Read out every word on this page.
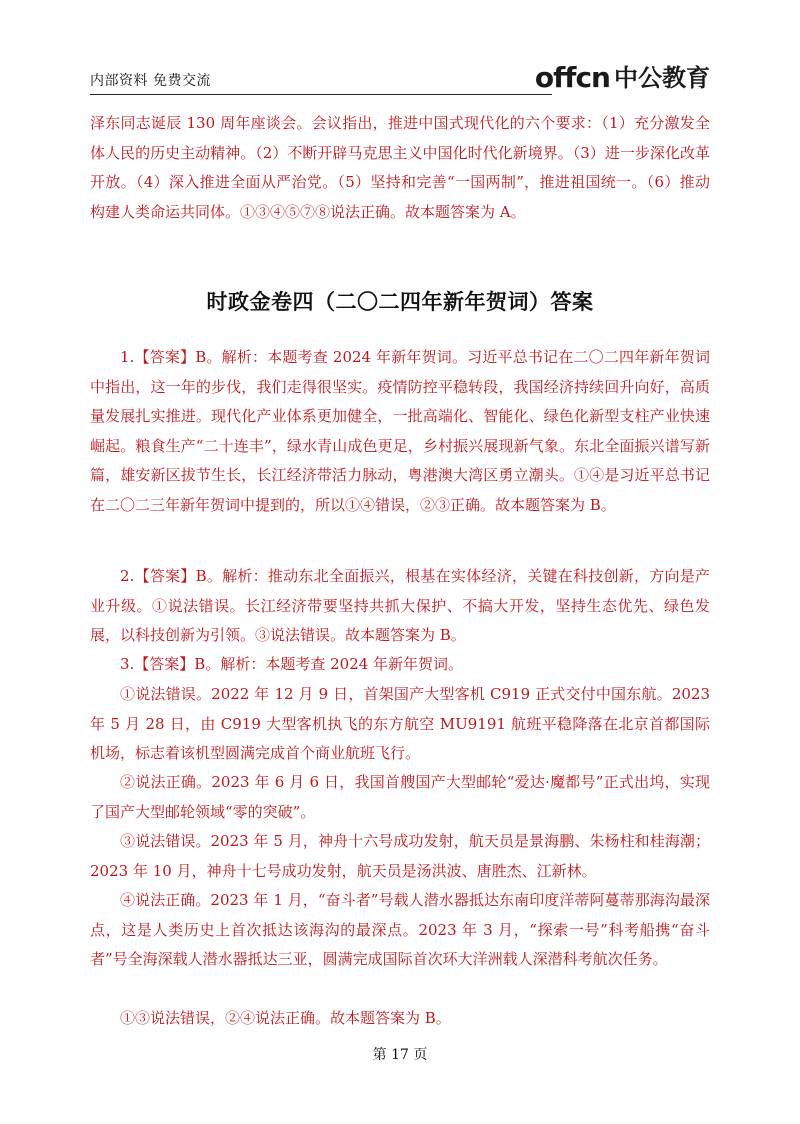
内部资料 免费交流	offcn 中公教育

泽东同志诞辰 130 周年座谈会。会议指出，推进中国式现代化的六个要求：（1）充分激发全体人民的历史主动精神。（2）不断开辟马克思主义中国化时代化新境界。（3）进一步深化改革开放。（4）深入推进全面从严治党。（5）坚持和完善“一国两制”，推进祖国统一。（6）推动构建人类命运共同体。①③④⑤⑦⑧说法正确。故本题答案为 A。

时政金卷四（二〇二四年新年贺词）答案

1.【答案】B。解析：本题考查 2024 年新年贺词。习近平总书记在二〇二四年新年贺词中指出，这一年的步伐，我们走得很坚实。疫情防控平稳转段，我国经济持续回升向好，高质量发展扎实推进。现代化产业体系更加健全，一批高端化、智能化、绿色化新型支柱产业快速崛起。粮食生产“二十连丰”，绿水青山成色更足，乡村振兴展现新气象。东北全面振兴谱写新篇，雄安新区拔节生长，长江经济带活力脉动，粤港澳大湾区勇立潮头。①④是习近平总书记在二〇二三年新年贺词中提到的，所以①④错误，②③正确。故本题答案为 B。

2.【答案】B。解析：推动东北全面振兴，根基在实体经济，关键在科技创新，方向是产业升级。①说法错误。长江经济带要坚持共抓大保护、不搞大开发，坚持生态优先、绿色发展，以科技创新为引领。③说法错误。故本题答案为 B。

3.【答案】B。解析：本题考查 2024 年新年贺词。

①说法错误。2022 年 12 月 9 日，首架国产大型客机 C919 正式交付中国东航。2023 年 5 月 28 日，由 C919 大型客机执飞的东方航空 MU9191 航班平稳降落在北京首都国际机场，标志着该机型圆满完成首个商业航班飞行。

②说法正确。2023 年 6 月 6 日，我国首艘国产大型邮轮“爱达·魔都号”正式出坞，实现了国产大型邮轮领域“零的突破”。

③说法错误。2023 年 5 月，神舟十六号成功发射，航天员是景海鹏、朱杨柱和桂海潮；2023 年 10 月，神舟十七号成功发射，航天员是汤洪波、唐胜杰、江新林。

④说法正确。2023 年 1 月，“奋斗者”号载人潜水器抵达东南印度洋蒂阿蔓蒂那海沟最深点，这是人类历史上首次抵达该海沟的最深点。2023 年 3 月，“探索一号”科考船携“奋斗者”号全海深载人潜水器抵达三亚，圆满完成国际首次环大洋洲载人深潜科考航次任务。

①③说法错误，②④说法正确。故本题答案为 B。

第 17 页
